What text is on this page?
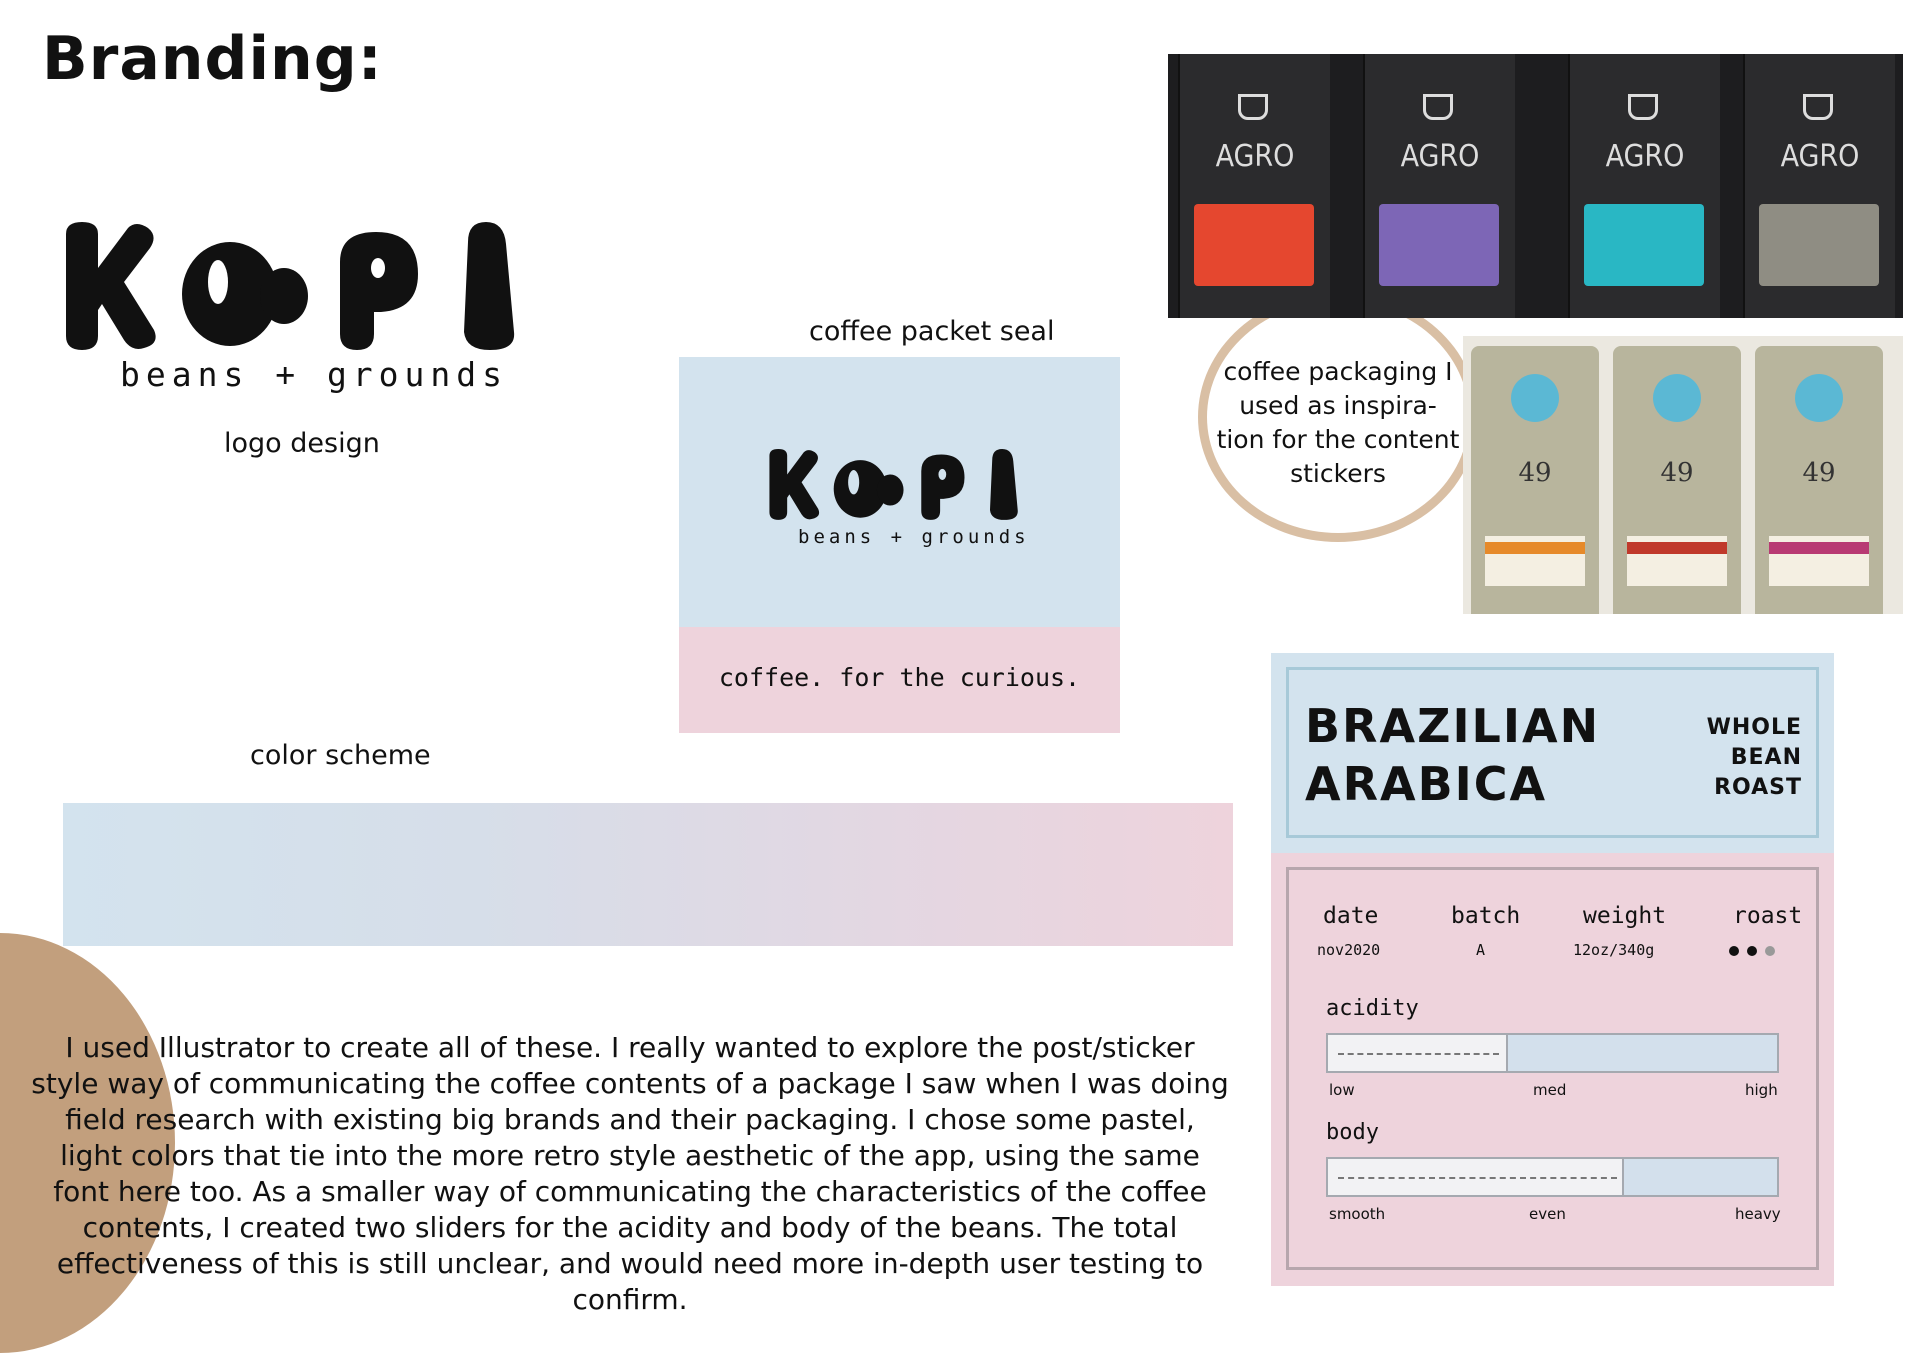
Branding:
beans + grounds
logo design
coffee packet seal
beans + grounds
coffee. for the curious.
color scheme
AGRO	AGRO	AGRO	AGRO
49	49	49
coffee packaging I used as inspira- tion for the content stickers
BRAZILIAN
ARABICA
WHOLE
BEAN
ROAST
date	batch	weight	roast
nov2020	A	12oz/340g
acidity
low	med	high
body
smooth	even	heavy
I used Illustrator to create all of these. I really wanted to explore the post/sticker style way of communicating the coffee contents of a package I saw when I was doing field research with existing big brands and their packaging. I chose some pastel, light colors that tie into the more retro style aesthetic of the app, using the same font here too. As a smaller way of communicating the characteristics of the coffee contents, I created two sliders for the acidity and body of the beans. The total effectiveness of this is still unclear, and would need more in-depth user testing to confirm.
